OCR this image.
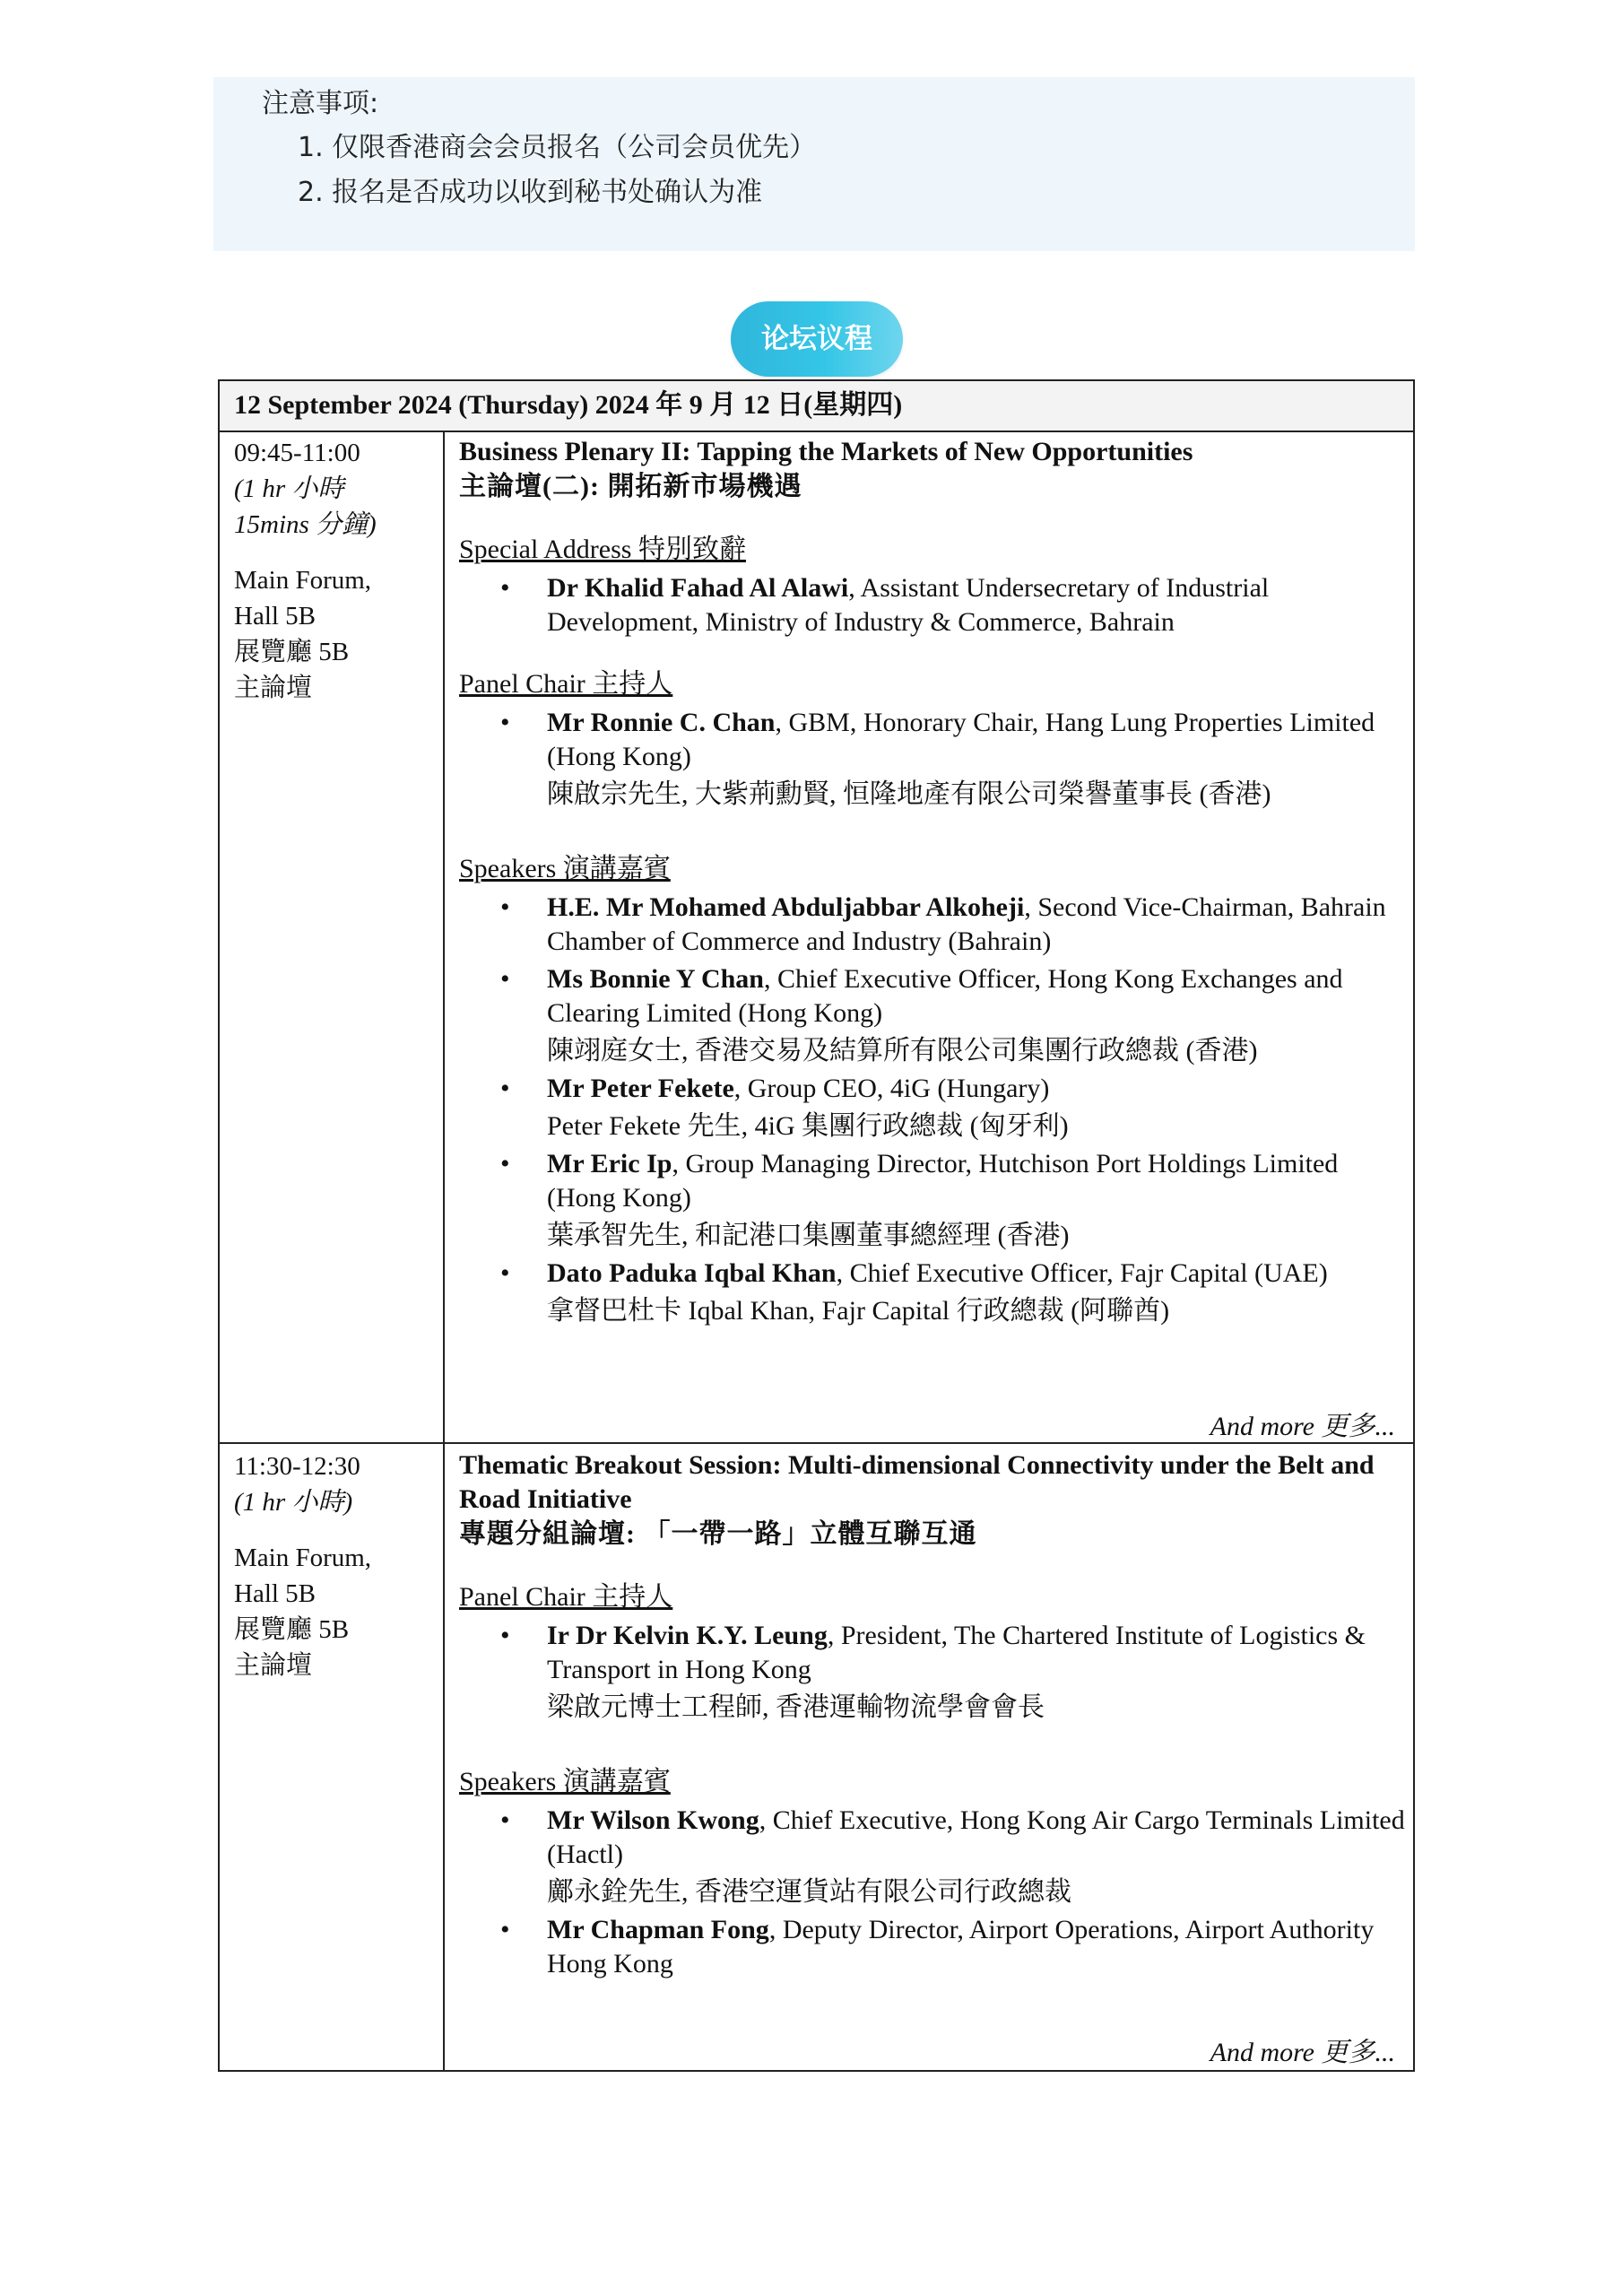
注意事项:
1. 仅限香港商会会员报名（公司会员优先）
2. 报名是否成功以收到秘书处确认为准
论坛议程
12 September 2024 (Thursday) 2024 年 9 月 12 日(星期四)
09:45-11:00
(1 hr 小時
15mins 分鐘)
Main Forum,
Hall 5B
展覽廳 5B
主論壇
Business Plenary II: Tapping the Markets of New Opportunities
主論壇(二): 開拓新市場機遇
Special Address 特別致辭
• Dr Khalid Fahad Al Alawi, Assistant Undersecretary of Industrial Development, Ministry of Industry & Commerce, Bahrain
Panel Chair 主持人
• Mr Ronnie C. Chan, GBM, Honorary Chair, Hang Lung Properties Limited (Hong Kong)
陳啟宗先生, 大紫荊勳賢, 恒隆地產有限公司榮譽董事長 (香港)
Speakers 演講嘉賓
• H.E. Mr Mohamed Abduljabbar Alkoheji, Second Vice-Chairman, Bahrain Chamber of Commerce and Industry (Bahrain)
• Ms Bonnie Y Chan, Chief Executive Officer, Hong Kong Exchanges and Clearing Limited (Hong Kong)
陳翊庭女士, 香港交易及結算所有限公司集團行政總裁 (香港)
• Mr Peter Fekete, Group CEO, 4iG (Hungary)
Peter Fekete 先生, 4iG 集團行政總裁 (匈牙利)
• Mr Eric Ip, Group Managing Director, Hutchison Port Holdings Limited (Hong Kong)
葉承智先生, 和記港口集團董事總經理 (香港)
• Dato Paduka Iqbal Khan, Chief Executive Officer, Fajr Capital (UAE)
拿督巴杜卡 Iqbal Khan, Fajr Capital 行政總裁 (阿聯酋)
And more 更多...
11:30-12:30
(1 hr 小時)
Main Forum,
Hall 5B
展覽廳 5B
主論壇
Thematic Breakout Session: Multi-dimensional Connectivity under the Belt and Road Initiative
專題分組論壇: 「一帶一路」立體互聯互通
Panel Chair 主持人
• Ir Dr Kelvin K.Y. Leung, President, The Chartered Institute of Logistics & Transport in Hong Kong
梁啟元博士工程師, 香港運輸物流學會會長
Speakers 演講嘉賓
• Mr Wilson Kwong, Chief Executive, Hong Kong Air Cargo Terminals Limited (Hactl)
鄺永銓先生, 香港空運貨站有限公司行政總裁
• Mr Chapman Fong, Deputy Director, Airport Operations, Airport Authority Hong Kong
And more 更多...
